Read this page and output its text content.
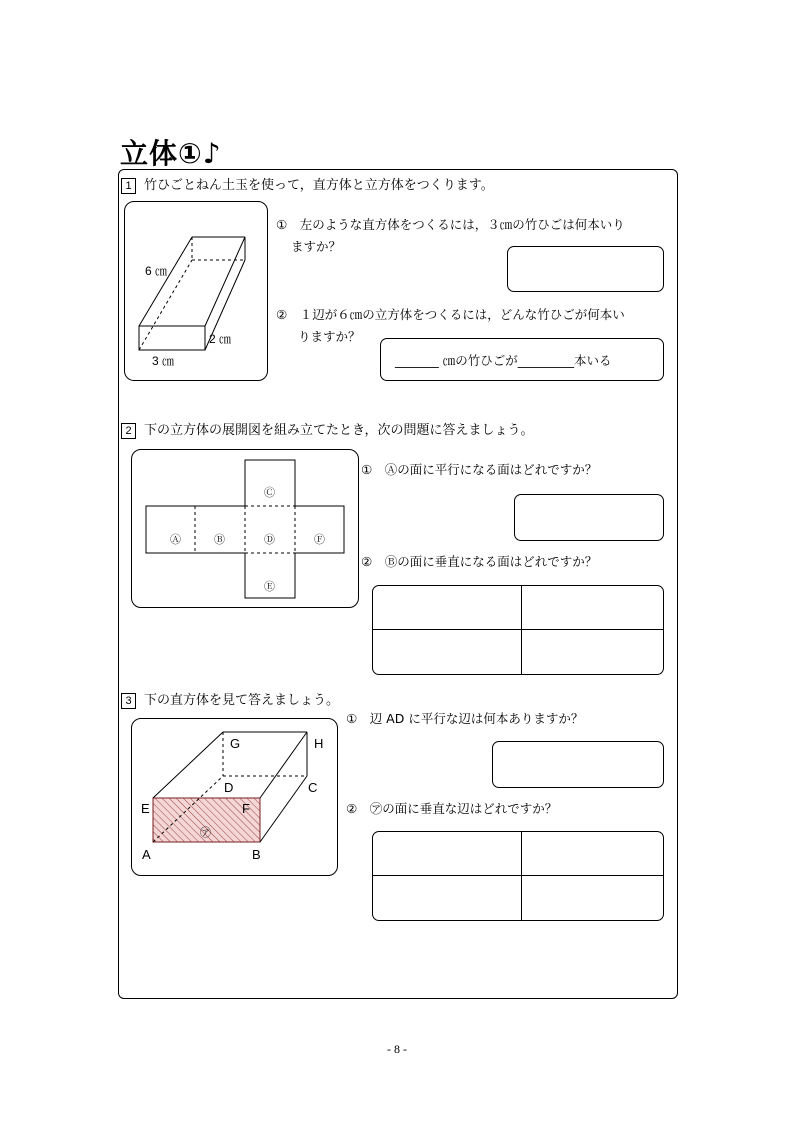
立体①♪
1 竹ひごとねん土玉を使って，直方体と立方体をつくります。
6 ㎝
2 ㎝
3 ㎝
①　左のような直方体をつくるには，３㎝の竹ひごは何本いり
ますか？
②　１辺が６㎝の立方体をつくるには，どんな竹ひごが何本い
りますか？
_______ ㎝の竹ひごが_________本いる
2 下の立方体の展開図を組み立てたとき，次の問題に答えましょう。
Ⓐ	Ⓑ
Ⓒ
Ⓓ
Ⓔ
Ⓕ
①　Ⓐの面に平行になる面はどれですか？
②　Ⓑの面に垂直になる面はどれですか？
3 下の直方体を見て答えましょう。
G	H
D	C
E	F
A	B
㋐
①　辺 AD に平行な辺は何本ありますか？
②　㋐の面に垂直な辺はどれですか？
- 8 -
